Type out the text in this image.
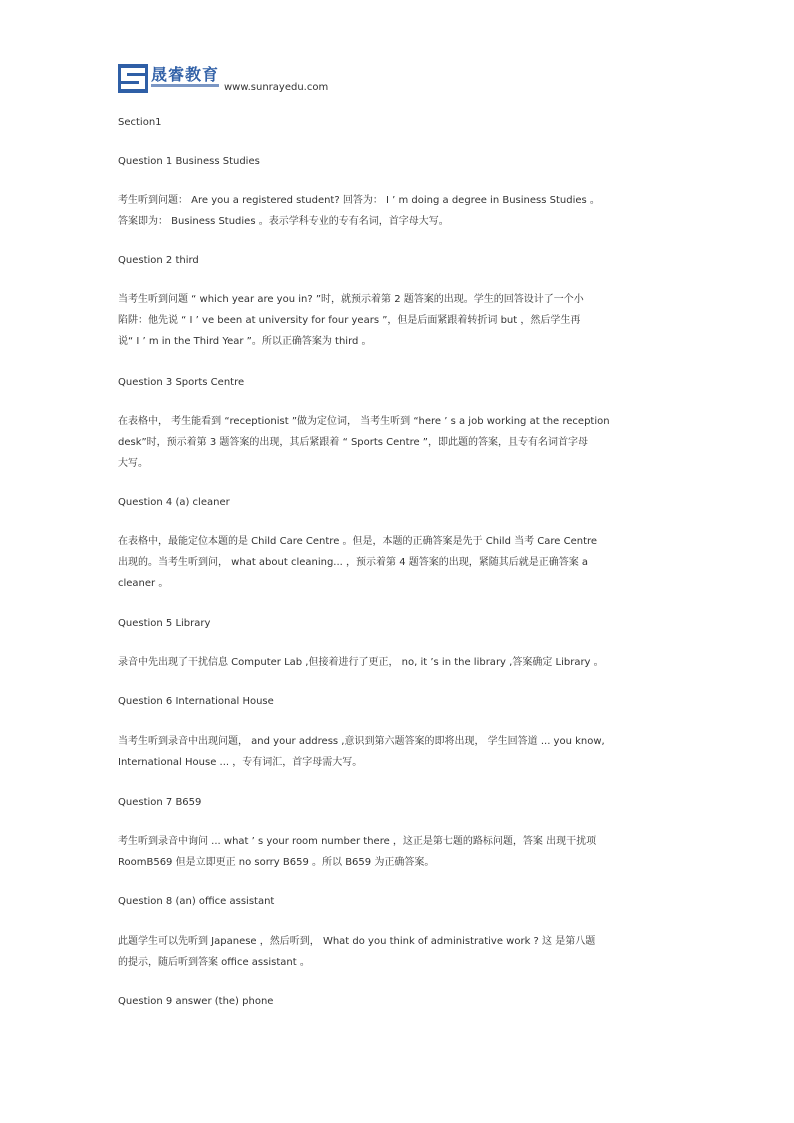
晟睿教育
www.sunrayedu.com
Section1
Question 1 Business Studies
考生听到问题： Are you a registered student? 回答为： I ’ m doing a degree in Business Studies 。
答案即为： Business Studies 。表示学科专业的专有名词，首字母大写。
Question 2 third
当考生听到问题 “ which year are you in? ”时，就预示着第 2 题答案的出现。学生的回答设计了一个小
陷阱：他先说 “ I ’ ve been at university for four years ”，但是后面紧跟着转折词 but ，然后学生再
说“ I ’ m in the Third Year ”。所以正确答案为 third 。
Question 3 Sports Centre
在表格中， 考生能看到 “receptionist ”做为定位词， 当考生听到 “here ’ s a job working at the reception
desk”时，预示着第 3 题答案的出现，其后紧跟着 “ Sports Centre ”，即此题的答案，且专有名词首字母
大写。
Question 4 (a) cleaner
在表格中，最能定位本题的是 Child Care Centre 。但是，本题的正确答案是先于 Child 当考 Care Centre
出现的。当考生听到问， what about cleaning... ，预示着第 4 题答案的出现，紧随其后就是正确答案 a
cleaner 。
Question 5 Library
录音中先出现了干扰信息 Computer Lab ,但接着进行了更正， no, it ’s in the library ,答案确定 Library 。
Question 6 International House
当考生听到录音中出现问题， and your address ,意识到第六题答案的即将出现， 学生回答道 ... you know,
International House ... ，专有词汇，首字母需大写。
Question 7 B659
考生听到录音中询问 ... what ’ s your room number there ，这正是第七题的路标问题，答案 出现干扰项
RoomB569 但是立即更正 no sorry B659 。所以 B659 为正确答案。
Question 8 (an) office assistant
此题学生可以先听到 Japanese ，然后听到， What do you think of administrative work ? 这 是第八题
的提示，随后听到答案 office assistant 。
Question 9 answer (the) phone
